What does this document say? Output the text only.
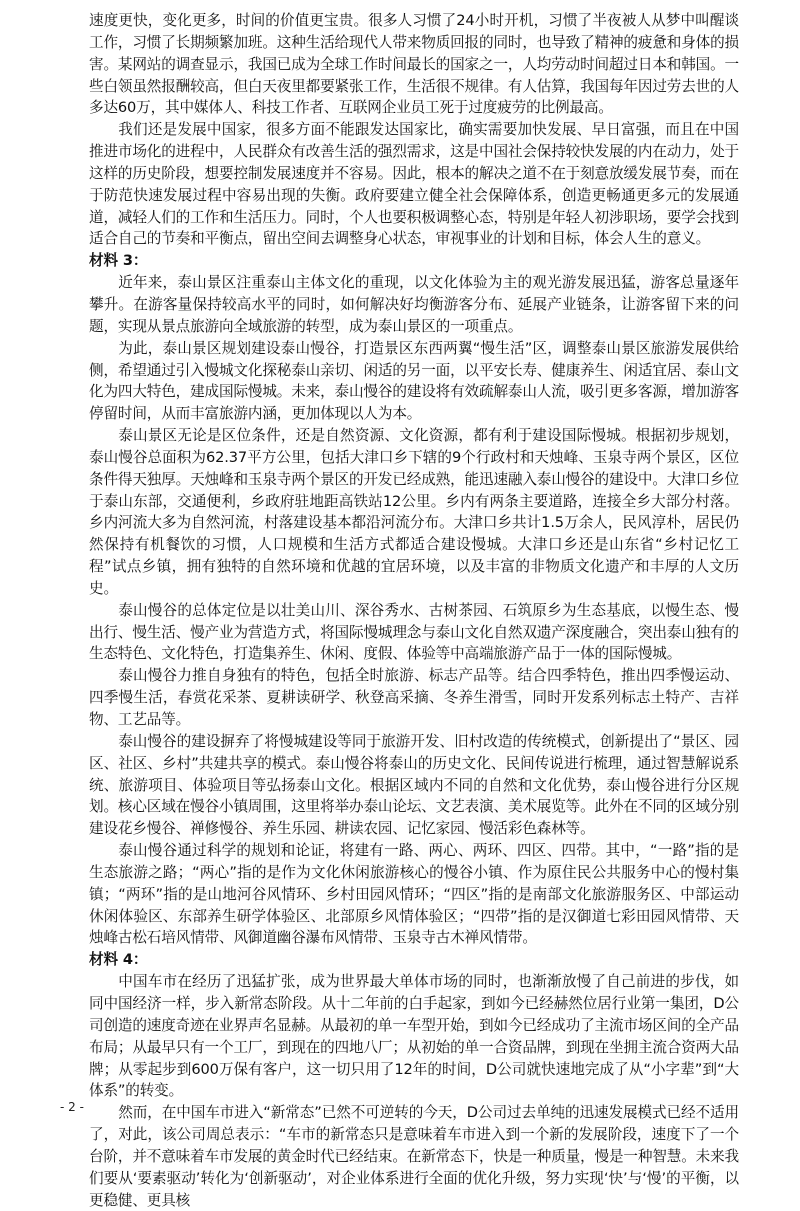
速度更快，变化更多，时间的价值更宝贵。很多人习惯了24小时开机，习惯了半夜被人从梦中叫醒谈工作，习惯了长期频繁加班。这种生活给现代人带来物质回报的同时，也导致了精神的疲惫和身体的损害。某网站的调查显示，我国已成为全球工作时间最长的国家之一，人均劳动时间超过日本和韩国。一些白领虽然报酬较高，但白天夜里都要紧张工作，生活很不规律。有人估算，我国每年因过劳去世的人多达60万，其中媒体人、科技工作者、互联网企业员工死于过度疲劳的比例最高。

我们还是发展中国家，很多方面不能跟发达国家比，确实需要加快发展、早日富强，而且在中国推进市场化的进程中，人民群众有改善生活的强烈需求，这是中国社会保持较快发展的内在动力，处于这样的历史阶段，想要控制发展速度并不容易。因此，根本的解决之道不在于刻意放缓发展节奏，而在于防范快速发展过程中容易出现的失衡。政府要建立健全社会保障体系，创造更畅通更多元的发展通道，减轻人们的工作和生活压力。同时，个人也要积极调整心态，特别是年轻人初涉职场，要学会找到适合自己的节奏和平衡点，留出空间去调整身心状态，审视事业的计划和目标，体会人生的意义。

材料 3：

近年来，泰山景区注重泰山主体文化的重现，以文化体验为主的观光游发展迅猛，游客总量逐年攀升。在游客量保持较高水平的同时，如何解决好均衡游客分布、延展产业链条，让游客留下来的问题，实现从景点旅游向全域旅游的转型，成为泰山景区的一项重点。

为此，泰山景区规划建设泰山慢谷，打造景区东西两翼“慢生活”区，调整泰山景区旅游发展供给侧，希望通过引入慢城文化探秘泰山亲切、闲适的另一面，以平安长寿、健康养生、闲适宜居、泰山文化为四大特色，建成国际慢城。未来，泰山慢谷的建设将有效疏解泰山人流，吸引更多客源，增加游客停留时间，从而丰富旅游内涵，更加体现以人为本。

泰山景区无论是区位条件，还是自然资源、文化资源，都有利于建设国际慢城。根据初步规划，泰山慢谷总面积为62.37平方公里，包括大津口乡下辖的9个行政村和天烛峰、玉泉寺两个景区，区位条件得天独厚。天烛峰和玉泉寺两个景区的开发已经成熟，能迅速融入泰山慢谷的建设中。大津口乡位于泰山东部，交通便利，乡政府驻地距高铁站12公里。乡内有两条主要道路，连接全乡大部分村落。乡内河流大多为自然河流，村落建设基本都沿河流分布。大津口乡共计1.5万余人，民风淳朴，居民仍然保持有机餐饮的习惯，人口规模和生活方式都适合建设慢城。大津口乡还是山东省“乡村记忆工程”试点乡镇，拥有独特的自然环境和优越的宜居环境，以及丰富的非物质文化遗产和丰厚的人文历史。

泰山慢谷的总体定位是以壮美山川、深谷秀水、古树茶园、石筑原乡为生态基底，以慢生态、慢出行、慢生活、慢产业为营造方式，将国际慢城理念与泰山文化自然双遗产深度融合，突出泰山独有的生态特色、文化特色，打造集养生、休闲、度假、体验等中高端旅游产品于一体的国际慢城。

泰山慢谷力推自身独有的特色，包括全时旅游、标志产品等。结合四季特色，推出四季慢运动、四季慢生活，春赏花采茶、夏耕读研学、秋登高采摘、冬养生滑雪，同时开发系列标志土特产、吉祥物、工艺品等。

泰山慢谷的建设摒弃了将慢城建设等同于旅游开发、旧村改造的传统模式，创新提出了“景区、园区、社区、乡村”共建共享的模式。泰山慢谷将泰山的历史文化、民间传说进行梳理，通过智慧解说系统、旅游项目、体验项目等弘扬泰山文化。根据区域内不同的自然和文化优势，泰山慢谷进行分区规划。核心区域在慢谷小镇周围，这里将举办泰山论坛、文艺表演、美术展览等。此外在不同的区域分别建设花乡慢谷、禅修慢谷、养生乐园、耕读农园、记忆家园、慢活彩色森林等。

泰山慢谷通过科学的规划和论证，将建有一路、两心、两环、四区、四带。其中，“一路”指的是生态旅游之路；“两心”指的是作为文化休闲旅游核心的慢谷小镇、作为原住民公共服务中心的慢村集镇；“两环”指的是山地河谷风情环、乡村田园风情环；“四区”指的是南部文化旅游服务区、中部运动休闲体验区、东部养生研学体验区、北部原乡风情体验区；“四带”指的是汉御道七彩田园风情带、天烛峰古松石培风情带、风御道幽谷瀑布风情带、玉泉寺古木禅风情带。

材料 4：

中国车市在经历了迅猛扩张，成为世界最大单体市场的同时，也渐渐放慢了自己前进的步伐，如同中国经济一样，步入新常态阶段。从十二年前的白手起家，到如今已经赫然位居行业第一集团，D公司创造的速度奇迹在业界声名显赫。从最初的单一车型开始，到如今已经成功了主流市场区间的全产品布局；从最早只有一个工厂，到现在的四地八厂；从初始的单一合资品牌，到现在坐拥主流合资两大品牌；从零起步到600万保有客户，这一切只用了12年的时间，D公司就快速地完成了从“小字辈”到“大体系”的转变。

然而，在中国车市进入“新常态”已然不可逆转的今天，D公司过去单纯的迅速发展模式已经不适用了，对此，该公司周总表示：“车市的新常态只是意味着车市进入到一个新的发展阶段，速度下了一个台阶，并不意味着车市发展的黄金时代已经结束。在新常态下，快是一种质量，慢是一种智慧。未来我们要从‘要素驱动’转化为‘创新驱动’，对企业体系进行全面的优化升级，努力实现‘快’与‘慢’的平衡，以更稳健、更具核

- 2 -
